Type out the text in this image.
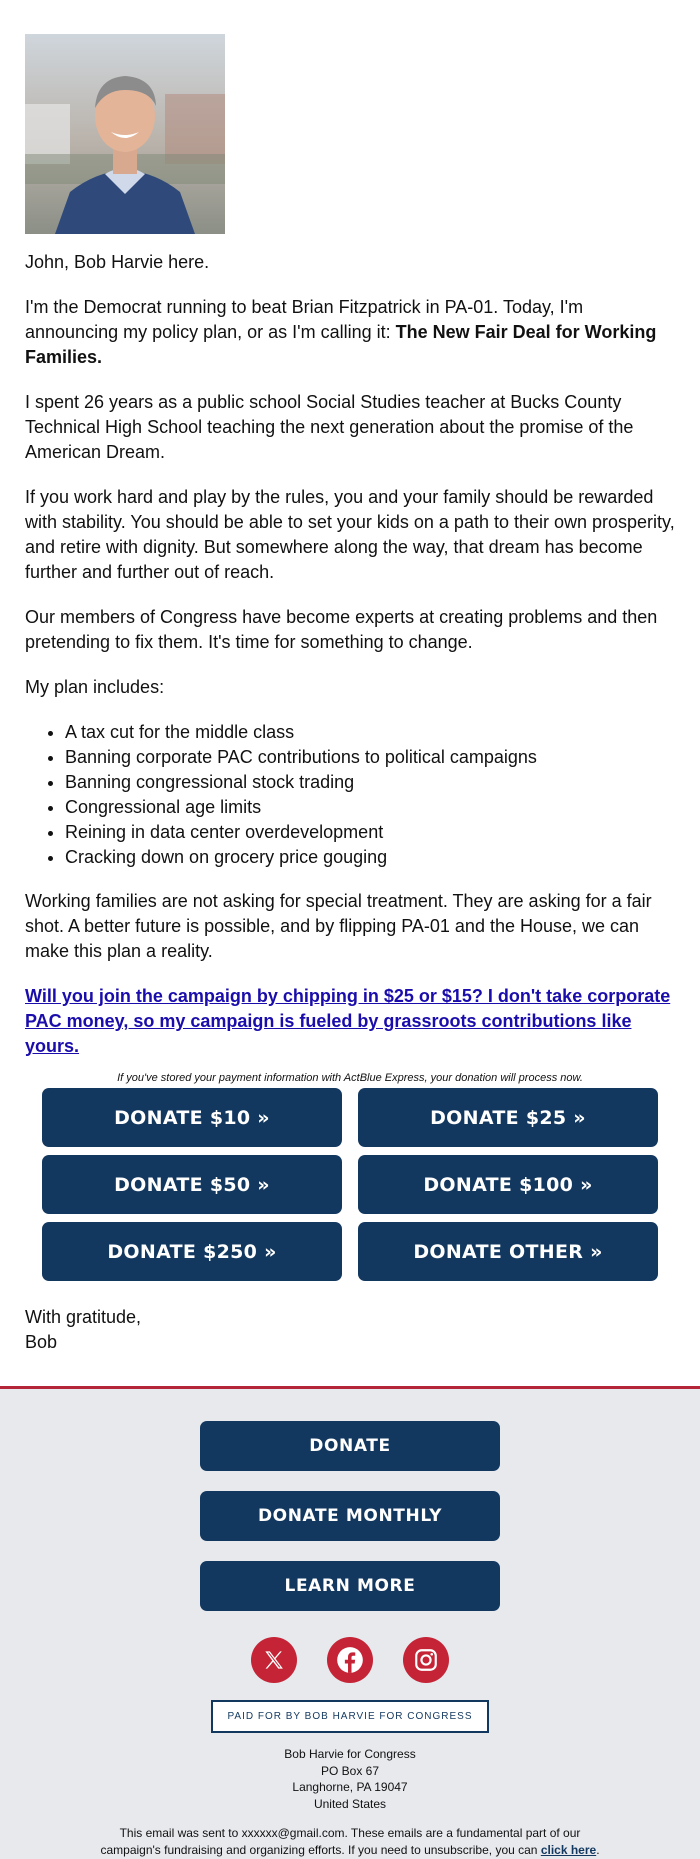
John, Bob Harvie here.

I'm the Democrat running to beat Brian Fitzpatrick in PA-01. Today, I'm announcing my policy plan, or as I'm calling it: The New Fair Deal for Working Families.

I spent 26 years as a public school Social Studies teacher at Bucks County Technical High School teaching the next generation about the promise of the American Dream.

If you work hard and play by the rules, you and your family should be rewarded with stability. You should be able to set your kids on a path to their own prosperity, and retire with dignity. But somewhere along the way, that dream has become further and further out of reach.

Our members of Congress have become experts at creating problems and then pretending to fix them. It's time for something to change.

My plan includes:

• A tax cut for the middle class
• Banning corporate PAC contributions to political campaigns
• Banning congressional stock trading
• Congressional age limits
• Reining in data center overdevelopment
• Cracking down on grocery price gouging

Working families are not asking for special treatment. They are asking for a fair shot. A better future is possible, and by flipping PA-01 and the House, we can make this plan a reality.

Will you join the campaign by chipping in $25 or $15? I don't take corporate PAC money, so my campaign is fueled by grassroots contributions like yours.
If you've stored your payment information with ActBlue Express, your donation will process now.
DONATE $10 »	DONATE $25 »
DONATE $50 »	DONATE $100 »
DONATE $250 »	DONATE OTHER »

With gratitude,

Bob

DONATE
DONATE MONTHLY
LEARN MORE
PAID FOR BY BOB HARVIE FOR CONGRESS
Bob Harvie for Congress
PO Box 67
Langhorne, PA 19047
United States
This email was sent to xxxxxx@gmail.com. These emails are a fundamental part of our campaign's fundraising and organizing efforts. If you need to unsubscribe, you can click here.
